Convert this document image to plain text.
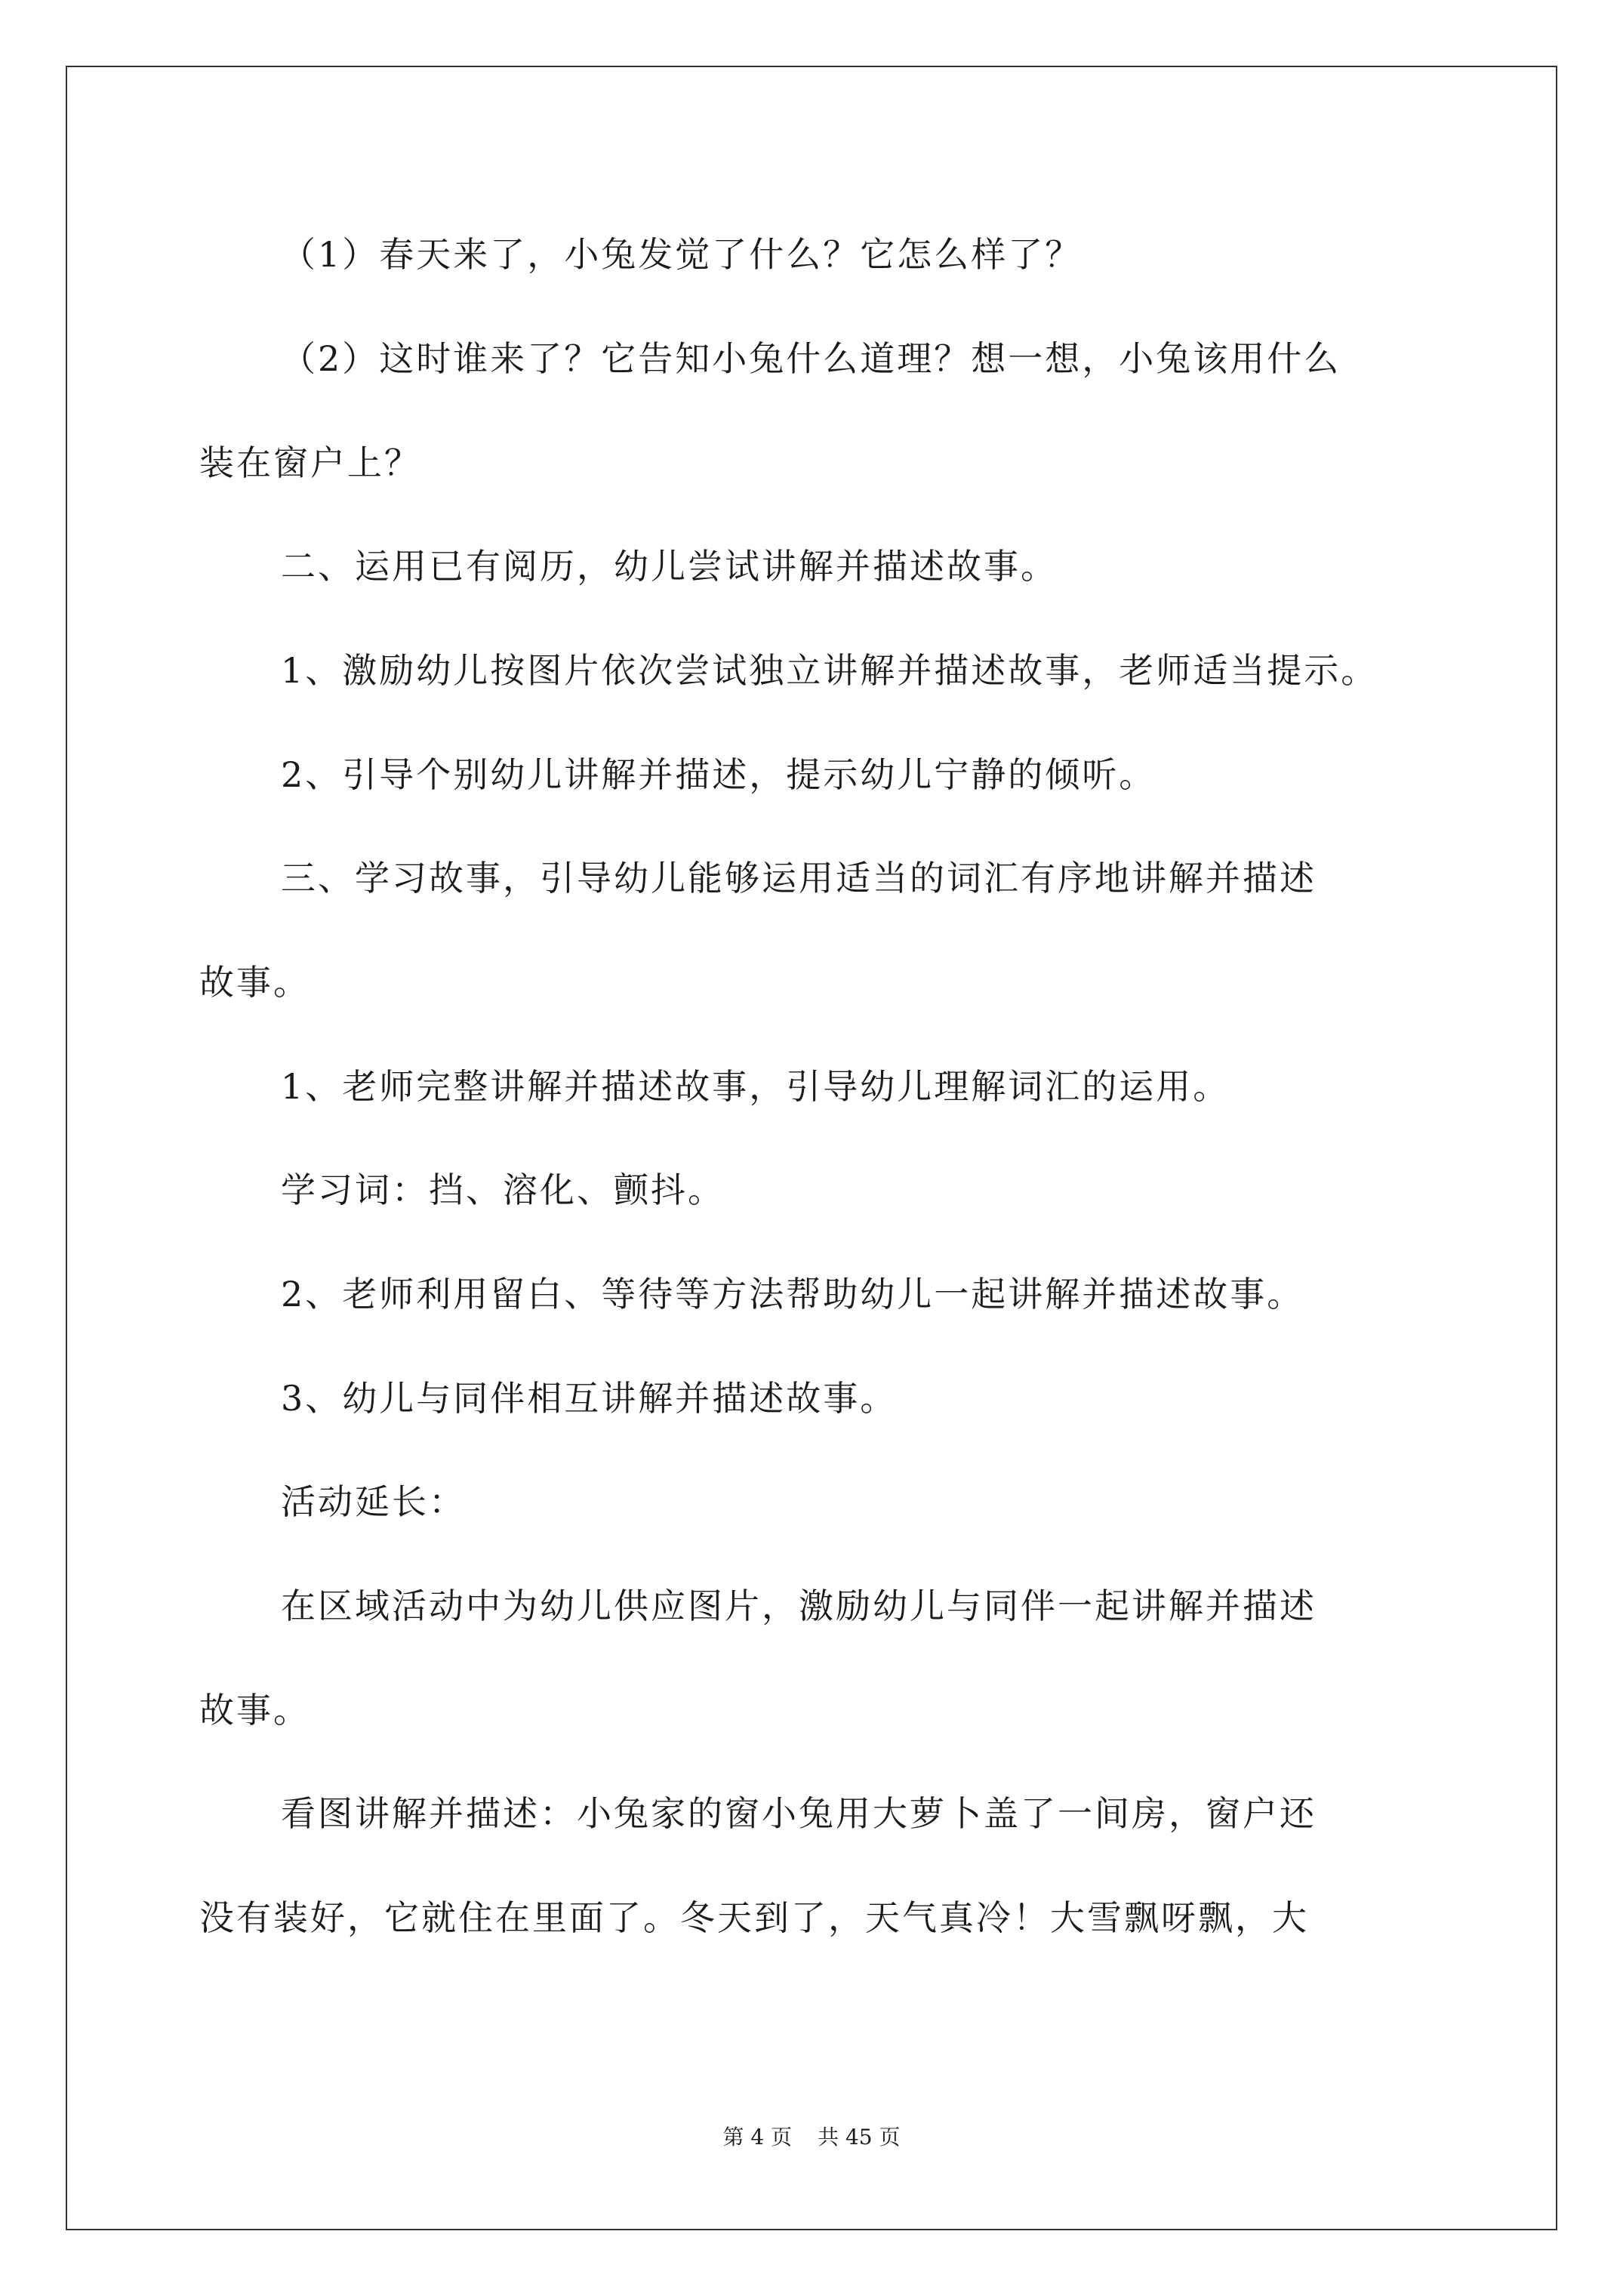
（1）春天来了，小兔发觉了什么？它怎么样了？
（2）这时谁来了？它告知小兔什么道理？想一想，小兔该用什么
装在窗户上？
二、运用已有阅历，幼儿尝试讲解并描述故事。
1、激励幼儿按图片依次尝试独立讲解并描述故事，老师适当提示。
2、引导个别幼儿讲解并描述，提示幼儿宁静的倾听。
三、学习故事，引导幼儿能够运用适当的词汇有序地讲解并描述
故事。
1、老师完整讲解并描述故事，引导幼儿理解词汇的运用。
学习词：挡、溶化、颤抖。
2、老师利用留白、等待等方法帮助幼儿一起讲解并描述故事。
3、幼儿与同伴相互讲解并描述故事。
活动延长：
在区域活动中为幼儿供应图片，激励幼儿与同伴一起讲解并描述
故事。
看图讲解并描述：小兔家的窗小兔用大萝卜盖了一间房，窗户还
没有装好，它就住在里面了。冬天到了，天气真冷！大雪飘呀飘，大
第 4 页 共 45 页
